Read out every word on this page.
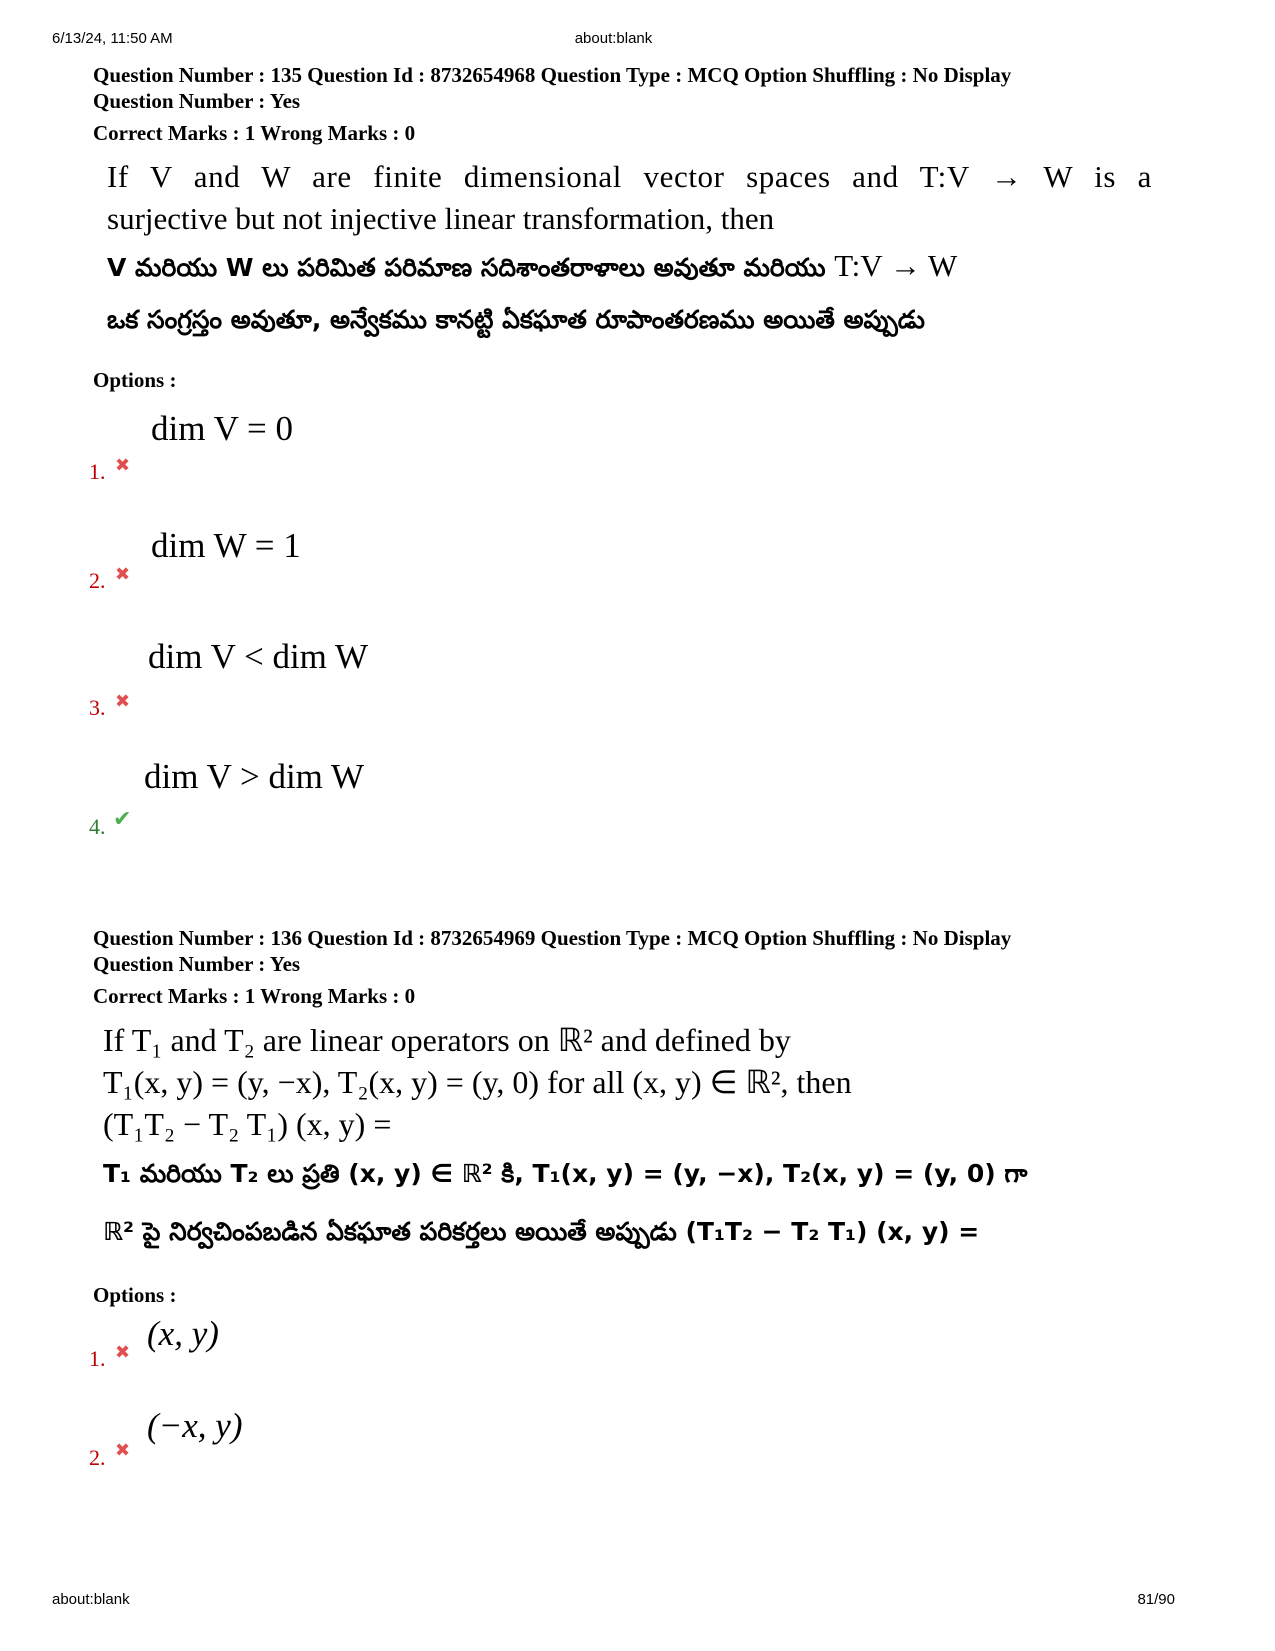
6/13/24, 11:50 AM	about:blank
Question Number : 135 Question Id : 8732654968 Question Type : MCQ Option Shuffling : No Display
Question Number : Yes
Correct Marks : 1 Wrong Marks : 0

If V and W are finite dimensional vector spaces and T:V → W is a

surjective but not injective linear transformation, then

V మరియు W లు పరిమిత పరిమాణ సదిశాంతరాళాలు అవుతూ మరియు T:V → W

ఒక సంగ్రస్తం అవుతూ, అన్వేకము కానట్టి ఏకఘాత రూపాంతరణము అయితే అప్పుడు

Options :
1. ✖
dim V = 0
2. ✖
dim W = 1
3. ✖
dim V < dim W
4. ✔
dim V > dim W
Question Number : 136 Question Id : 8732654969 Question Type : MCQ Option Shuffling : No Display
Question Number : Yes
Correct Marks : 1 Wrong Marks : 0

If T₁ and T₂ are linear operators on ℝ² and defined by

T₁(x, y) = (y, −x), T₂(x, y) = (y, 0) for all (x, y) ∈ ℝ², then

(T₁T₂ − T₂ T₁) (x, y) =

T₁ మరియు T₂ లు ప్రతి (x, y) ∈ ℝ² కి, T₁(x, y) = (y, −x), T₂(x, y) = (y, 0) గా

ℝ² పై నిర్వచింపబడిన ఏకఘాత పరికర్తలు అయితే అప్పుడు (T₁T₂ − T₂ T₁) (x, y) =

Options :
1. ✖ (x, y)
2. ✖
(−x, y)
about:blank	81/90
